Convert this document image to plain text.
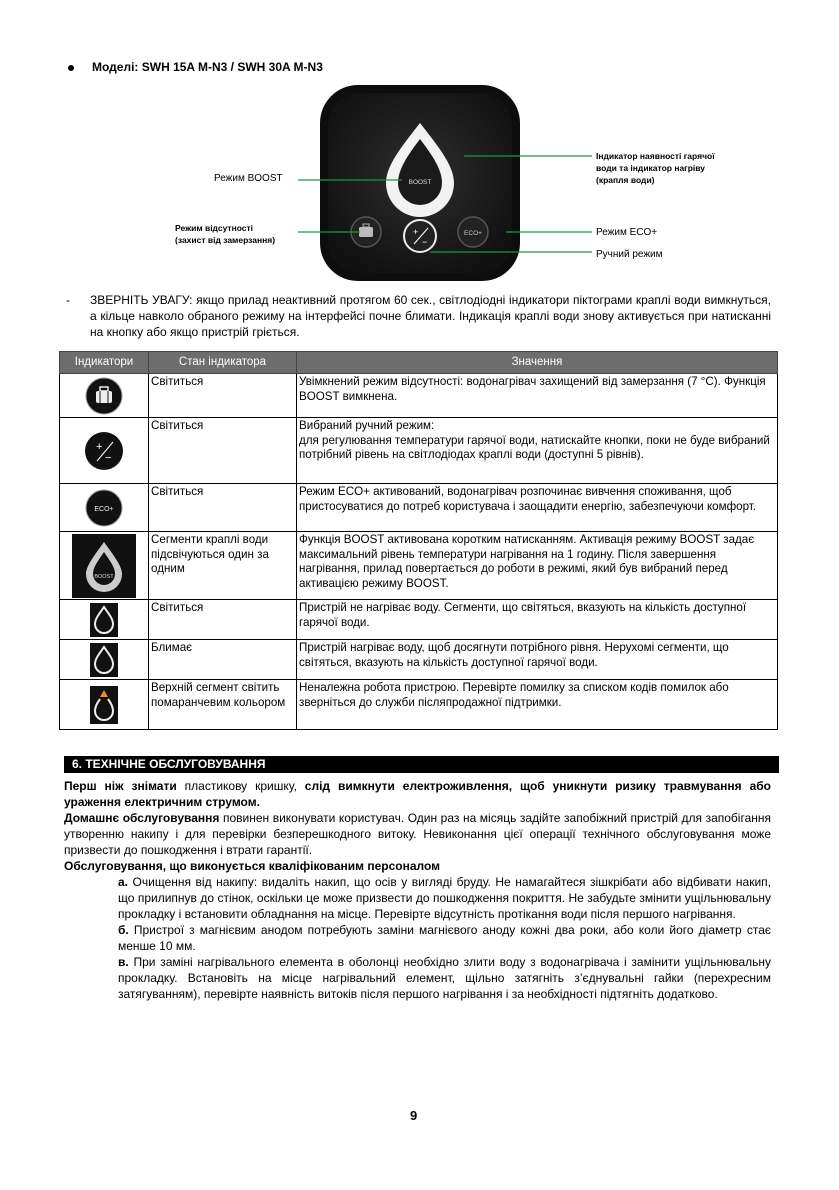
Моделі: SWH 15A M-N3 / SWH 30A M-N3
BOOST
+
−
ECO+
Режим BOOST
Режим відсутності
(захист від замерзання)
Індикатор наявності гарячої
води та індикатор нагріву
(крапля води)
Режим ECO+
Ручний режим
- ЗВЕРНІТЬ УВАГУ: якщо прилад неактивний протягом 60 сек., світлодіодні індикатори піктограми краплі води вимкнуться, а кільце навколо обраного режиму на інтерфейсі почне блимати. Індикація краплі води знову активується при натисканні на кнопку або якщо пристрій гріється.
Індикатори	Стан індикатора	Значення
	Світиться	Увімкнений режим відсутності: водонагрівач захищений від замерзання (7 °C). Функція BOOST вимкнена.

+
−	Світиться	Вибраний ручний режим:
для регулювання температури гарячої води, натискайте кнопки, поки не буде вибраний потрібний рівень на світлодіодах краплі води (доступні 5 рівнів).

ECO+	Світиться	Режим ECO+ активований, водонагрівач розпочинає вивчення споживання, щоб пристосуватися до потреб користувача і заощадити енергію, забезпечуючи комфорт.

BOOST	Сегменти краплі води підсвічуються один за одним	Функція BOOST активована коротким натисканням. Активація режиму BOOST задає максимальний рівень температури нагрівання на 1 годину. Після завершення нагрівання, прилад повертається до роботи в режимі, який був вибраний перед активацією режиму BOOST.
	Світиться	Пристрій не нагріває воду. Сегменти, що світяться, вказують на кількість доступної гарячої води.
	Блимає	Пристрій нагріває воду, щоб досягнути потрібного рівня. Нерухомі сегменти, що світяться, вказують на кількість доступної гарячої води.
	Верхній сегмент світить помаранчевим кольором	Неналежна робота пристрою. Перевірте помилку за списком кодів помилок або зверніться до служби післяпродажної підтримки.
6. ТЕХНІЧНЕ ОБСЛУГОВУВАННЯ

Перш ніж знімати пластикову кришку, слід вимкнути електроживлення, щоб уникнути ризику травмування або ураження електричним струмом.

Домашнє обслуговування повинен виконувати користувач. Один раз на місяць задійте запобіжний пристрій для запобігання утворенню накипу і для перевірки безперешкодного витоку. Невиконання цієї операції технічного обслуговування може призвести до пошкодження і втрати гарантії.

Обслуговування, що виконується кваліфікованим персоналом

а. Очищення від накипу: видаліть накип, що осів у вигляді бруду. Не намагайтеся зішкрібати або відбивати накип, що прилипнув до стінок, оскільки це може призвести до пошкодження покриття. Не забудьте змінити ущільнювальну прокладку і встановити обладнання на місце. Перевірте відсутність протікання води після першого нагрівання.

б. Пристрої з магнієвим анодом потребують заміни магнієвого аноду кожні два роки, або коли його діаметр стає менше 10 мм.

в. При заміні нагрівального елемента в оболонці необхідно злити воду з водонагрівача і замінити ущільнювальну прокладку. Встановіть на місце нагрівальний елемент, щільно затягніть з’єднувальні гайки (перехресним затягуванням), перевірте наявність витоків після першого нагрівання і за необхідності підтягніть додатково.

9
